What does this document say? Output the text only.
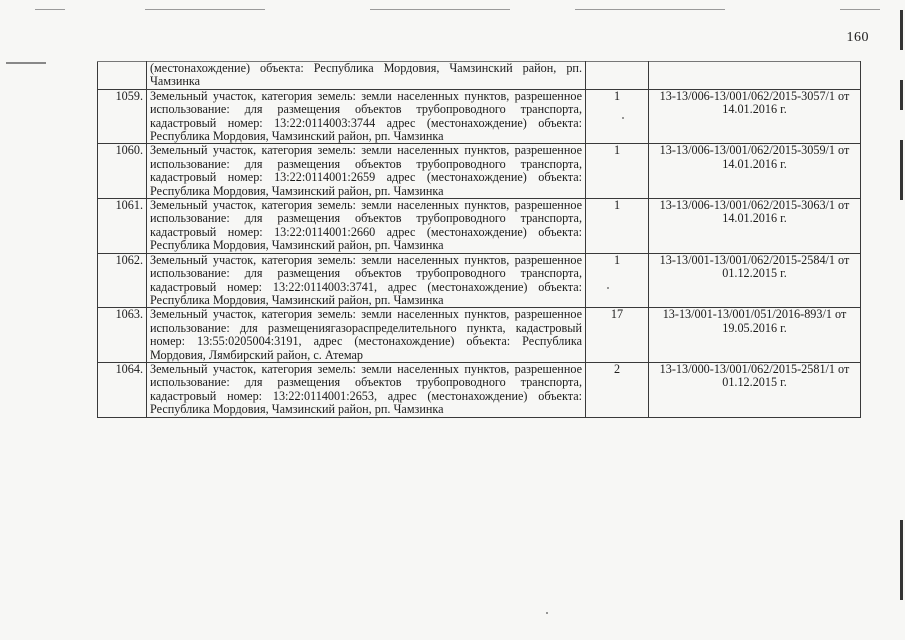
160
	(местонахождение) объекта: Республика Мордовия, Чамзинский район, рп. Чамзинка		
1059.	Земельный участок, категория земель: земли населенных пунктов, разрешенное использование: для размещения объектов трубопроводного транспорта, кадастровый номер: 13:22:0114003:3744 адрес (местонахождение) объекта: Республика Мордовия, Чамзинский район, рп. Чамзинка	1	13-13/006-13/001/062/2015-3057/1 от 14.01.2016 г.
1060.	Земельный участок, категория земель: земли населенных пунктов, разрешенное использование: для размещения объектов трубопроводного транспорта, кадастровый номер: 13:22:0114001:2659 адрес (местонахождение) объекта: Республика Мордовия, Чамзинский район, рп. Чамзинка	1	13-13/006-13/001/062/2015-3059/1 от 14.01.2016 г.
1061.	Земельный участок, категория земель: земли населенных пунктов, разрешенное использование: для размещения объектов трубопроводного транспорта, кадастровый номер: 13:22:0114001:2660 адрес (местонахождение) объекта: Республика Мордовия, Чамзинский район, рп. Чамзинка	1	13-13/006-13/001/062/2015-3063/1 от 14.01.2016 г.
1062.	Земельный участок, категория земель: земли населенных пунктов, разрешенное использование: для размещения объектов трубопроводного транспорта, кадастровый номер: 13:22:0114003:3741, адрес (местонахождение) объекта: Республика Мордовия, Чамзинский район, рп. Чамзинка	1	13-13/001-13/001/062/2015-2584/1 от 01.12.2015 г.
1063.	Земельный участок, категория земель: земли населенных пунктов, разрешенное использование: для размещениягазораспределительного пункта, кадастровый номер: 13:55:0205004:3191, адрес (местонахождение) объекта: Республика Мордовия, Лямбирский район, с. Атемар	17	13-13/001-13/001/051/2016-893/1 от 19.05.2016 г.
1064.	Земельный участок, категория земель: земли населенных пунктов, разрешенное использование: для размещения объектов трубопроводного транспорта, кадастровый номер: 13:22:0114001:2653, адрес (местонахождение) объекта: Республика Мордовия, Чамзинский район, рп. Чамзинка	2	13-13/000-13/001/062/2015-2581/1 от 01.12.2015 г.
